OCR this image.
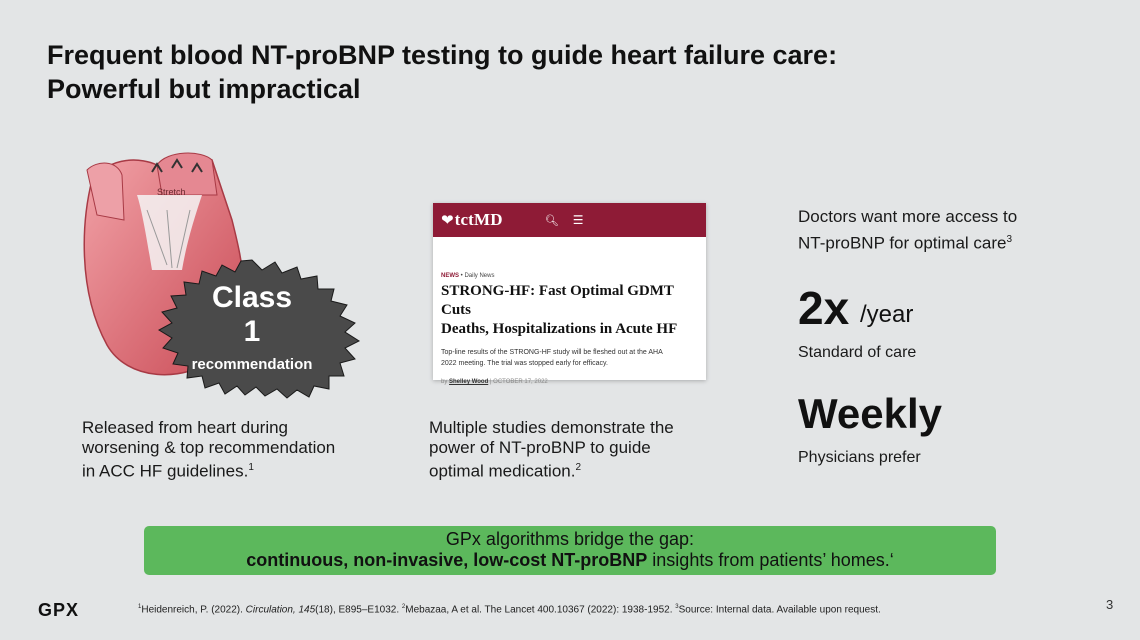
Frequent blood NT-proBNP testing to guide heart failure care:
Powerful but impractical
Stretch
Class
1
recommendation
Released from heart during
worsening & top recommendation
in ACC HF guidelines.$^1$
❤ tctMD	🔍︎ ☰
NEWS • Daily News
STRONG-HF: Fast Optimal GDMT Cuts
Deaths, Hospitalizations in Acute HF
Top-line results of the STRONG-HF study will be fleshed out at the AHA
2022 meeting. The trial was stopped early for efficacy.
by Shelley Wood | OCTOBER 17, 2022
Multiple studies demonstrate the
power of NT-proBNP to guide
optimal medication.$^2$
Doctors want more access to
NT-proBNP for optimal care$^3$
2x /year
Standard of care
Weekly
Physicians prefer
GPx algorithms bridge the gap:
continuous, non-invasive, low-cost NT-proBNP insights from patients’ homes.‘
GPX	$^1$Heidenreich, P. (2022). Circulation, 145(18), E895–E1032. $^2$Mebazaa, A et al. The Lancet 400.10367 (2022): 1938-1952. $^3$Source: Internal data. Available upon request.	3
